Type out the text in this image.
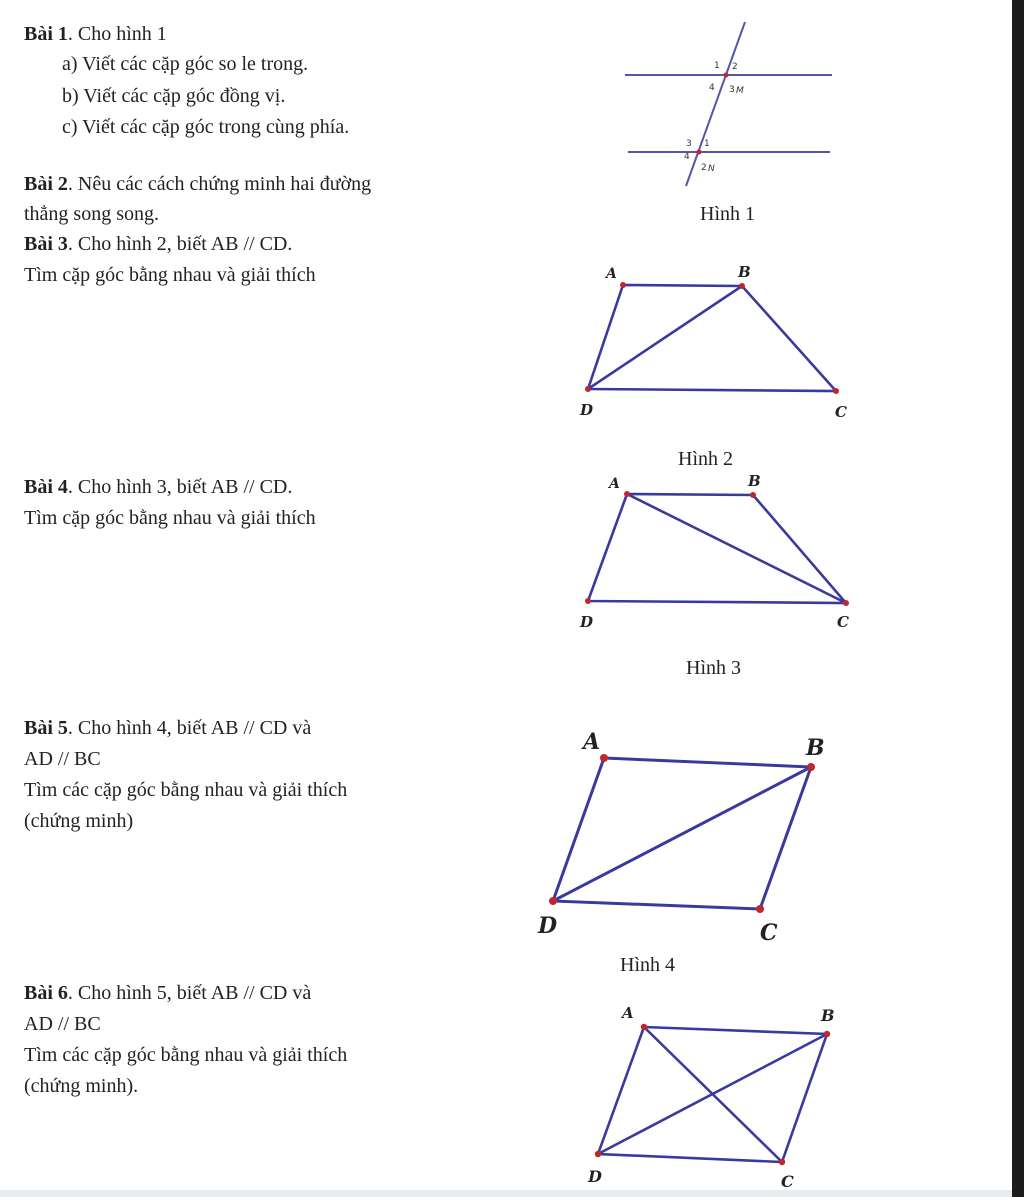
Bài 1. Cho hình 1
a) Viết các cặp góc so le trong.
b) Viết các cặp góc đồng vị.
c) Viết các cặp góc trong cùng phía.
Bài 2. Nêu các cách chứng minh hai đường
thẳng song song.
Bài 3. Cho hình 2, biết AB // CD.
Tìm cặp góc bằng nhau và giải thích
Bài 4. Cho hình 3, biết AB // CD.
Tìm cặp góc bằng nhau và giải thích
Bài 5. Cho hình 4, biết AB // CD và
AD // BC
Tìm các cặp góc bằng nhau và giải thích
(chứng minh)
Bài 6. Cho hình 5, biết AB // CD và
AD // BC
Tìm các cặp góc bằng nhau và giải thích
(chứng minh).
Hình 1
Hình 2
Hình 3
Hình 4
1 2
3
4 M
1
3
4
2 N
A	B
C
D
A	B
C
D
A	B
C
D
A	B
C
D
